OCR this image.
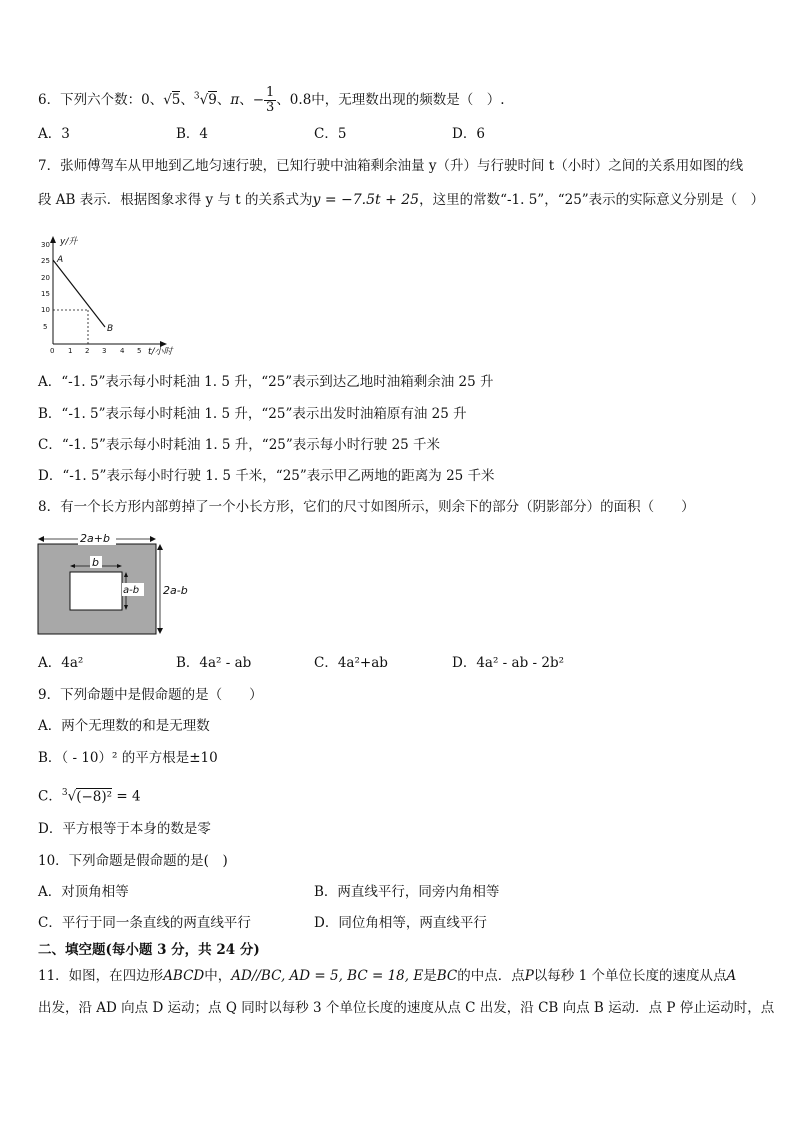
6．下列六个数：0、√5、$^3$√9、π、− $\frac{1}{3}$ 、0.8中，无理数出现的频数是（　）.
A．3	B．4	C．5	D．6
7．张师傅驾车从甲地到乙地匀速行驶，已知行驶中油箱剩余油量 y（升）与行驶时间 t（小时）之间的关系用如图的线
段 AB 表示．根据图象求得 y 与 t 的关系式为y = −7.5t + 25，这里的常数“-1. 5”，“25”表示的实际意义分别是（　）
30
25
20
15
10
5
0 1 2 3 4 5
A
B
y/升
t/小时
A．“-1. 5”表示每小时耗油 1. 5 升，“25”表示到达乙地时油箱剩余油 25 升
B．“-1. 5”表示每小时耗油 1. 5 升，“25”表示出发时油箱原有油 25 升
C．“-1. 5”表示每小时耗油 1. 5 升，“25”表示每小时行驶 25 千米
D．“-1. 5”表示每小时行驶 1. 5 千米，“25”表示甲乙两地的距离为 25 千米
8．有一个长方形内部剪掉了一个小长方形，它们的尺寸如图所示，则余下的部分（阴影部分）的面积（　　）
2a+b
2a-b
b
a-b
A．4a²	B．4a² - ab	C．4a²+ab	D．4a² - ab - 2b²
9．下列命题中是假命题的是（　　）
A．两个无理数的和是无理数
B．（ - 10）² 的平方根是±10
C．$^3$√(−8)² = 4
D．平方根等于本身的数是零
10．下列命题是假命题的是(　)
A．对顶角相等	B．两直线平行，同旁内角相等
C．平行于同一条直线的两直线平行	D．同位角相等，两直线平行
二、填空题(每小题 3 分，共 24 分)
11．如图，在四边形ABCD中，AD//BC, AD = 5, BC = 18, E是BC的中点．点P以每秒 1 个单位长度的速度从点A
出发，沿 AD 向点 D 运动；点 Q 同时以每秒 3 个单位长度的速度从点 C 出发，沿 CB 向点 B 运动．点 P 停止运动时，点
